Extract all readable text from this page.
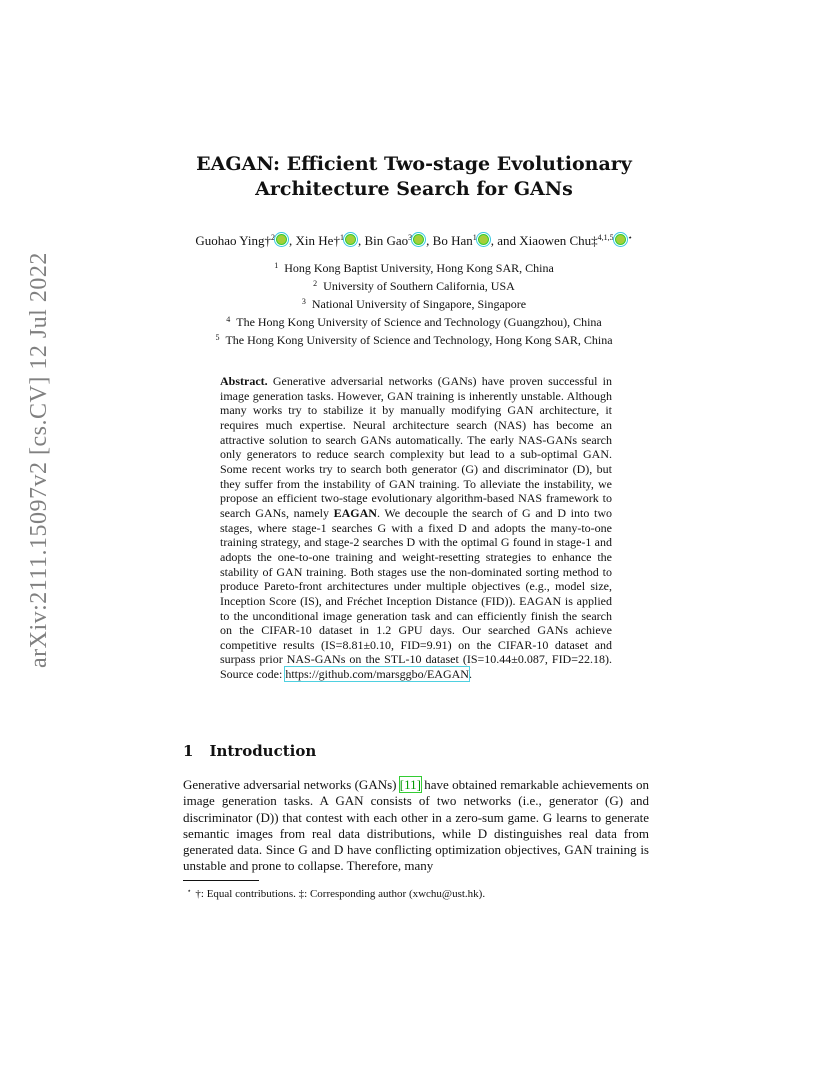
arXiv:2111.15097v2 [cs.CV] 12 Jul 2022
EAGAN: Efficient Two-stage Evolutionary
Architecture Search for GANs
Guohao Ying†$^2$ , Xin He†$^1$ , Bin Gao$^3$ , Bo Han$^1$ , and Xiaowen Chu‡$^{4,1,5}$ ⋆
$^1$ Hong Kong Baptist University, Hong Kong SAR, China
$^2$ University of Southern California, USA
$^3$ National University of Singapore, Singapore
$^4$ The Hong Kong University of Science and Technology (Guangzhou), China
$^5$ The Hong Kong University of Science and Technology, Hong Kong SAR, China
Abstract. Generative adversarial networks (GANs) have proven successful in image generation tasks. However, GAN training is inherently unstable. Although many works try to stabilize it by manually modifying GAN architecture, it requires much expertise. Neural architecture search (NAS) has become an attractive solution to search GANs automatically. The early NAS-GANs search only generators to reduce search complexity but lead to a sub-optimal GAN. Some recent works try to search both generator (G) and discriminator (D), but they suffer from the instability of GAN training. To alleviate the instability, we propose an efficient two-stage evolutionary algorithm-based NAS framework to search GANs, namely EAGAN. We decouple the search of G and D into two stages, where stage-1 searches G with a fixed D and adopts the many-to-one training strategy, and stage-2 searches D with the optimal G found in stage-1 and adopts the one-to-one training and weight-resetting strategies to enhance the stability of GAN training. Both stages use the non-dominated sorting method to produce Pareto-front architectures under multiple objectives (e.g., model size, Inception Score (IS), and Fréchet Inception Distance (FID)). EAGAN is applied to the unconditional image generation task and can efficiently finish the search on the CIFAR-10 dataset in 1.2 GPU days. Our searched GANs achieve competitive results (IS=8.81±0.10, FID=9.91) on the CIFAR-10 dataset and surpass prior NAS-GANs on the STL-10 dataset (IS=10.44±0.087, FID=22.18). Source code: https://github.com/marsggbo/EAGAN.
1 Introduction
Generative adversarial networks (GANs) [11] have obtained remarkable achievements on image generation tasks. A GAN consists of two networks (i.e., generator (G) and discriminator (D)) that contest with each other in a zero-sum game. G learns to generate semantic images from real data distributions, while D distinguishes real data from generated data. Since G and D have conflicting optimization objectives, GAN training is unstable and prone to collapse. Therefore, many
⋆ †: Equal contributions. ‡: Corresponding author (xwchu@ust.hk).
